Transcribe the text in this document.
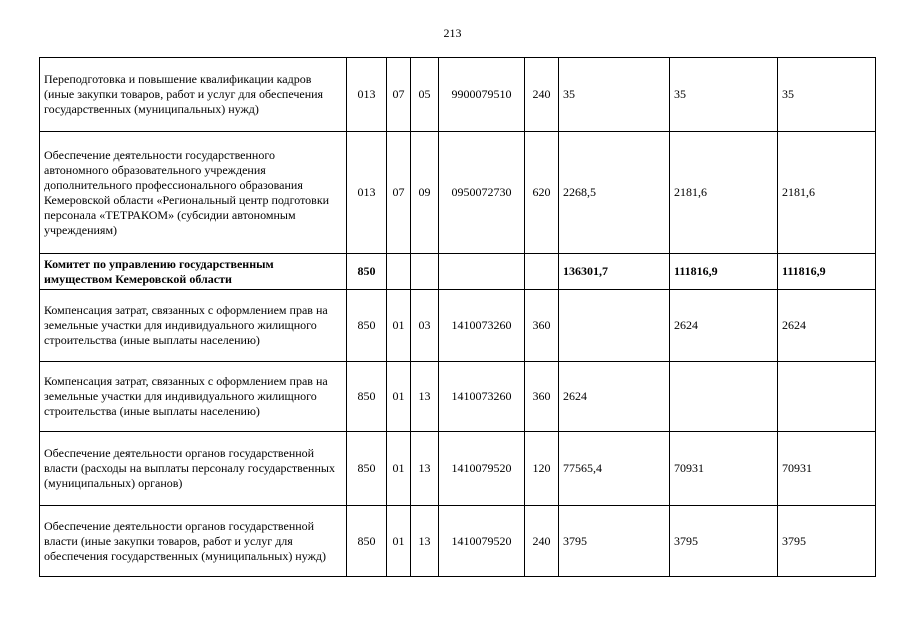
213
Переподготовка и повышение квалификации кадров (иные закупки товаров, работ и услуг для обеспечения государственных (муниципальных) нужд)	013	07	05	9900079510	240	35	35	35
Обеспечение деятельности государственного автономного образовательного учреждения дополнительного профессионального образования Кемеровской области «Региональный центр подготовки персонала «ТЕТРАКОМ» (субсидии автономным учреждениям)	013	07	09	0950072730	620	2268,5	2181,6	2181,6
Комитет по управлению государственным имуществом Кемеровской области	850					136301,7	111816,9	111816,9
Компенсация затрат, связанных с оформлением прав на земельные участки для индивидуального жилищного строительства (иные выплаты населению)	850	01	03	1410073260	360		2624	2624
Компенсация затрат, связанных с оформлением прав на земельные участки для индивидуального жилищного строительства (иные выплаты населению)	850	01	13	1410073260	360	2624		
Обеспечение деятельности органов государственной власти (расходы на выплаты персоналу государственных (муниципальных) органов)	850	01	13	1410079520	120	77565,4	70931	70931
Обеспечение деятельности органов государственной власти (иные закупки товаров, работ и услуг для обеспечения государственных (муниципальных) нужд)	850	01	13	1410079520	240	3795	3795	3795
